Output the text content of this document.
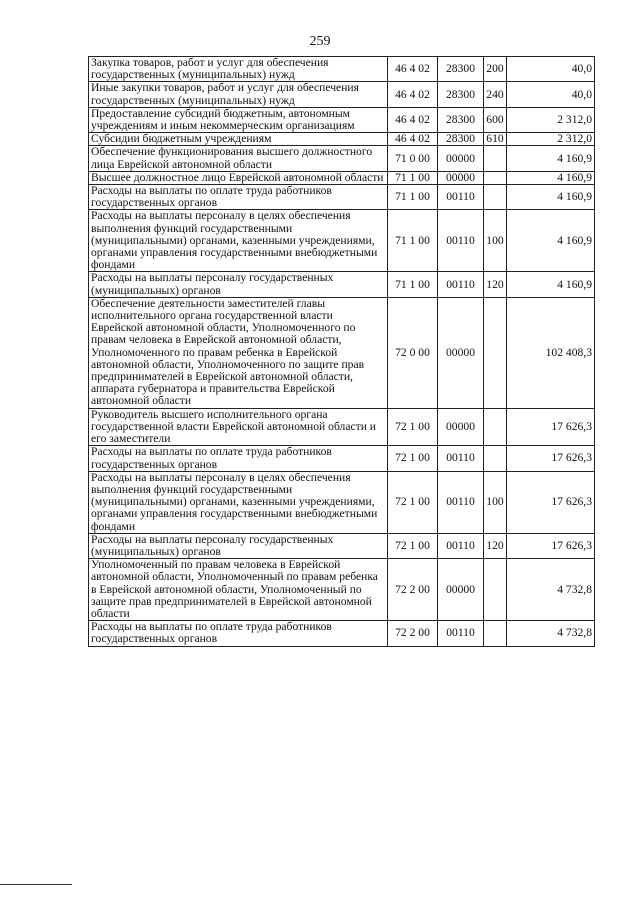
259
Закупка товаров, работ и услуг для обеспечения государственных (муниципальных) нужд	46 4 02	28300	200	40,0
Иные закупки товаров, работ и услуг для обеспечения государственных (муниципальных) нужд	46 4 02	28300	240	40,0
Предоставление субсидий бюджетным, автономным учреждениям и иным некоммерческим организациям	46 4 02	28300	600	2 312,0
Субсидии бюджетным учреждениям	46 4 02	28300	610	2 312,0
Обеспечение функционирования высшего должностного лица Еврейской автономной области	71 0 00	00000		4 160,9
Высшее должностное лицо Еврейской автономной области	71 1 00	00000		4 160,9
Расходы на выплаты по оплате труда работников государственных органов	71 1 00	00110		4 160,9
Расходы на выплаты персоналу в целях обеспечения выполнения функций государственными (муниципальными) органами, казенными учреждениями, органами управления государственными внебюджетными фондами	71 1 00	00110	100	4 160,9
Расходы на выплаты персоналу государственных (муниципальных) органов	71 1 00	00110	120	4 160,9
Обеспечение деятельности заместителей главы исполнительного органа государственной власти Еврейской автономной области, Уполномоченного по правам человека в Еврейской автономной области, Уполномоченного по правам ребенка в Еврейской автономной области, Уполномоченного по защите прав предпринимателей в Еврейской автономной области, аппарата губернатора и правительства Еврейской автономной области	72 0 00	00000		102 408,3
Руководитель высшего исполнительного органа государственной власти Еврейской автономной области и его заместители	72 1 00	00000		17 626,3
Расходы на выплаты по оплате труда работников государственных органов	72 1 00	00110		17 626,3
Расходы на выплаты персоналу в целях обеспечения выполнения функций государственными (муниципальными) органами, казенными учреждениями, органами управления государственными внебюджетными фондами	72 1 00	00110	100	17 626,3
Расходы на выплаты персоналу государственных (муниципальных) органов	72 1 00	00110	120	17 626,3
Уполномоченный по правам человека в Еврейской автономной области, Уполномоченный по правам ребенка в Еврейской автономной области, Уполномоченный по защите прав предпринимателей в Еврейской автономной области	72 2 00	00000		4 732,8
Расходы на выплаты по оплате труда работников государственных органов	72 2 00	00110		4 732,8
